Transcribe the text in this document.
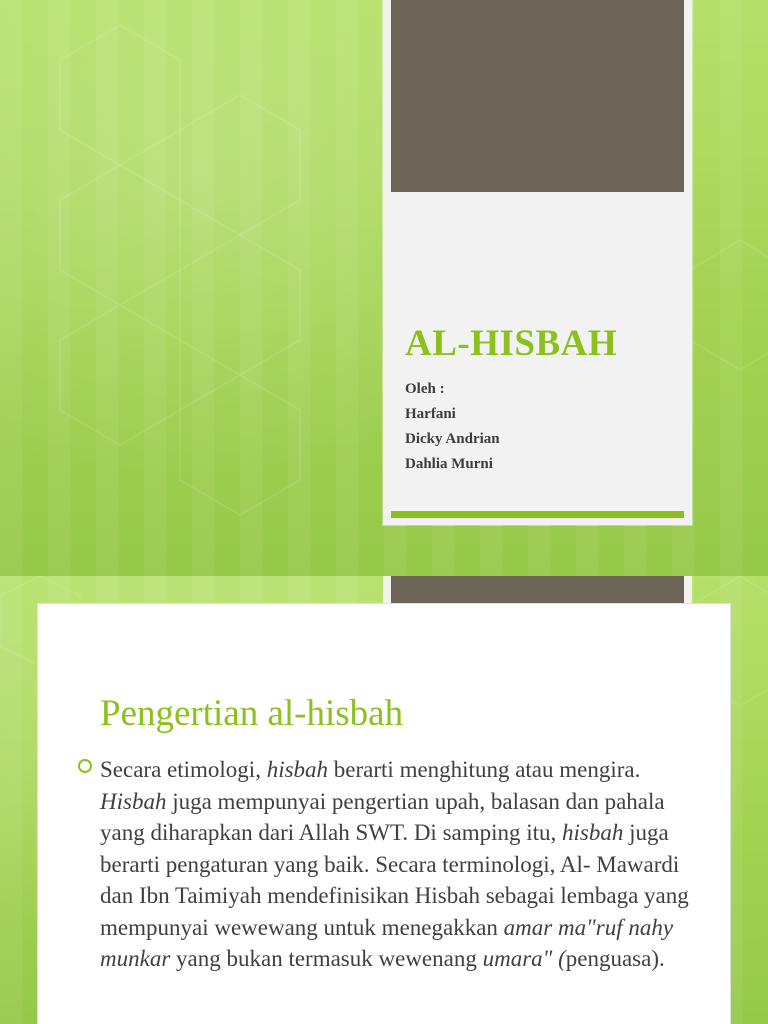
AL-HISBAH
Oleh :
Harfani
Dicky Andrian
Dahlia Murni
Pengertian al-hisbah
Secara etimologi, hisbah berarti menghitung atau mengira. Hisbah juga mempunyai pengertian upah, balasan dan pahala yang diharapkan dari Allah SWT. Di samping itu, hisbah juga berarti pengaturan yang baik. Secara terminologi, Al- Mawardi dan Ibn Taimiyah mendefinisikan Hisbah sebagai lembaga yang mempunyai wewewang untuk menegakkan amar ma"ruf nahy munkar yang bukan termasuk wewenang umara" (penguasa).
